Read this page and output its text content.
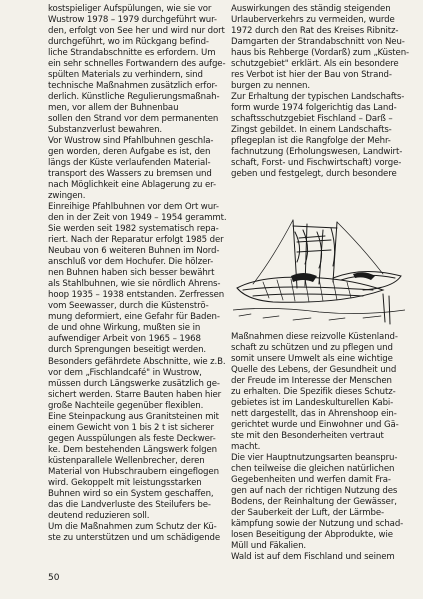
kostspieliger Aufspülungen, wie sie vor
Wustrow 1978 – 1979 durchgeführt wur-
den, erfolgt von See her und wird nur dort
durchgeführt, wo im Rückgang befind-
liche Strandabschnitte es erfordern. Um
ein sehr schnelles Fortwandern des aufge-
spülten Materials zu verhindern, sind
technische Maßnahmen zusätzlich erfor-
derlich. Künstliche Regulierungsmaßnah-
men, vor allem der Buhnenbau
sollen den Strand vor dem permanenten
Substanzverlust bewahren.
Vor Wustrow sind Pfahlbuhnen geschla-
gen worden, deren Aufgabe es ist, den
längs der Küste verlaufenden Material-
transport des Wassers zu bremsen und
nach Möglichkeit eine Ablagerung zu er-
zwingen.
Einreihige Pfahlbuhnen vor dem Ort wur-
den in der Zeit von 1949 – 1954 gerammt.
Sie werden seit 1982 systematisch repa-
riert. Nach der Reparatur erfolgt 1985 der
Neubau von 6 weiteren Buhnen im Nord-
anschluß vor dem Hochufer. Die hölzer-
nen Buhnen haben sich besser bewährt
als Stahlbuhnen, wie sie nördlich Ahrens-
hoop 1935 – 1938 entstanden. Zerfressen
vom Seewasser, durch die Küstenströ-
mung deformiert, eine Gefahr für Baden-
de und ohne Wirkung, mußten sie in
aufwendiger Arbeit von 1965 – 1968
durch Sprengungen beseitigt werden.
Besonders gefährdete Abschnitte, wie z.B.
vor dem „Fischlandcafé" in Wustrow,
müssen durch Längswerke zusätzlich ge-
sichert werden. Starre Bauten haben hier
große Nachteile gegenüber flexiblen.
Eine Steinpackung aus Granitsteinen mit
einem Gewicht von 1 bis 2 t ist sicherer
gegen Ausspülungen als feste Deckwer-
ke. Dem bestehenden Längswerk folgen
küstenparallele Wellenbrecher, deren
Material von Hubschraubern eingeflogen
wird. Gekoppelt mit leistungsstarken
Buhnen wird so ein System geschaffen,
das die Landverluste des Steilufers be-
deutend reduzieren soll.
Um die Maßnahmen zum Schutz der Kü-
ste zu unterstützen und um schädigende
Auswirkungen des ständig steigenden
Urlauberverkehrs zu vermeiden, wurde
1972 durch den Rat des Kreises Ribnitz-
Damgarten der Strandabschnitt von Neu-
haus bis Rehberge (Vordarß) zum „Küsten-
schutzgebiet" erklärt. Als ein besondere
res Verbot ist hier der Bau von Strand-
burgen zu nennen.
Zur Erhaltung der typischen Landschafts-
form wurde 1974 folgerichtig das Land-
schaftsschutzgebiet Fischland – Darß –
Zingst gebildet. In einem Landschafts-
pflegeplan ist die Rangfolge der Mehr-
fachnutzung (Erholungswesen, Landwirt-
schaft, Forst- und Fischwirtschaft) vorge-
geben und festgelegt, durch besondere
Maßnahmen diese reizvolle Küstenland-
schaft zu schützen und zu pflegen und
somit unsere Umwelt als eine wichtige
Quelle des Lebens, der Gesundheit und
der Freude im Interesse der Menschen
zu erhalten. Die Spezifik dieses Schutz-
gebietes ist im Landeskulturellen Kabi-
nett dargestellt, das in Ahrenshoop ein-
gerichtet wurde und Einwohner und Gä-
ste mit den Besonderheiten vertraut
macht.
Die vier Hauptnutzungsarten beanspru-
chen teilweise die gleichen natürlichen
Gegebenheiten und werfen damit Fra-
gen auf nach der richtigen Nutzung des
Bodens, der Reinhaltung der Gewässer,
der Sauberkeit der Luft, der Lärmbe-
kämpfung sowie der Nutzung und schad-
losen Beseitigung der Abprodukte, wie
Müll und Fäkalien.
Wald ist auf dem Fischland und seinem
50
